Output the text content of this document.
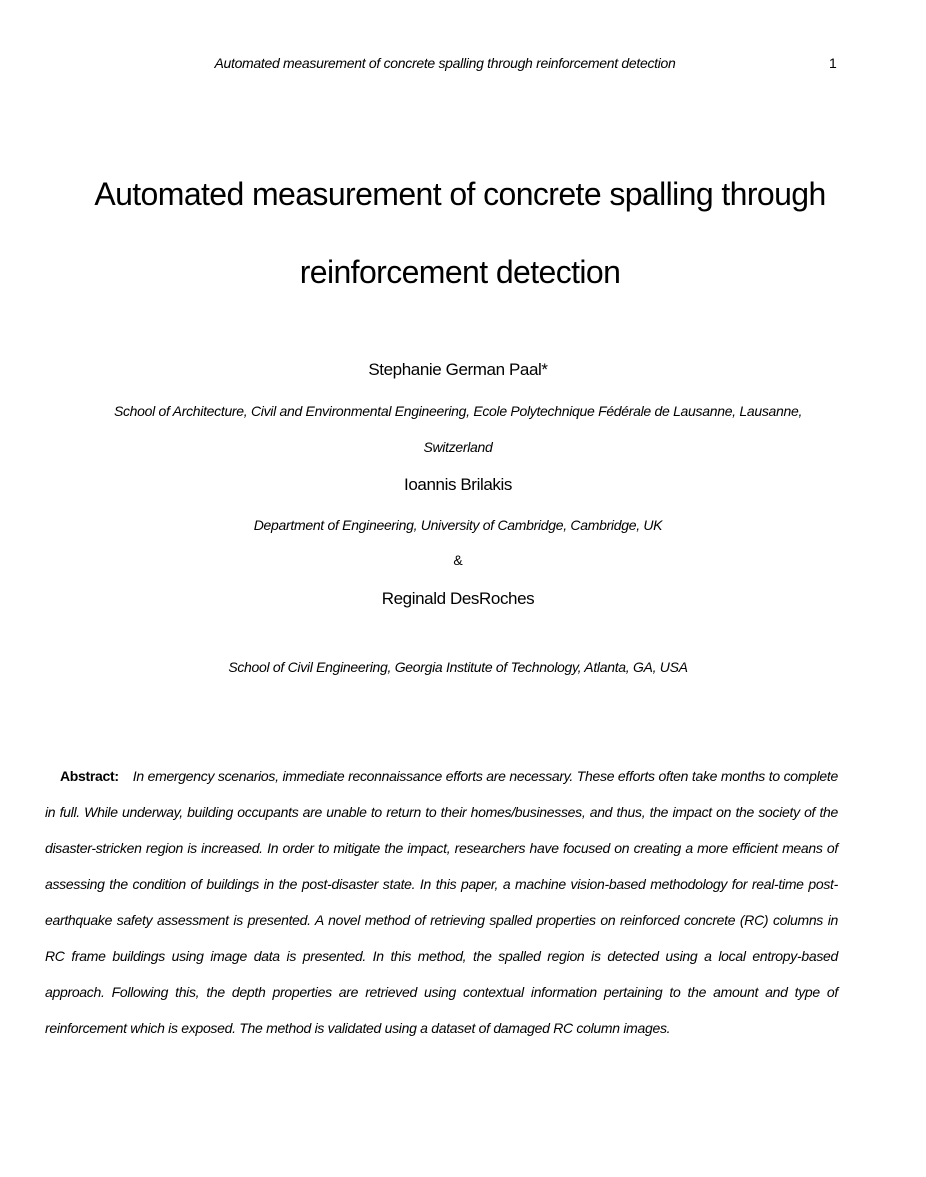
Automated measurement of concrete spalling through reinforcement detection	1
Automated measurement of concrete spalling through reinforcement detection
Stephanie German Paal*
School of Architecture, Civil and Environmental Engineering, Ecole Polytechnique Fédérale de Lausanne, Lausanne, Switzerland
Ioannis Brilakis
Department of Engineering, University of Cambridge, Cambridge, UK
&
Reginald DesRoches
School of Civil Engineering, Georgia Institute of Technology, Atlanta, GA, USA
Abstract: In emergency scenarios, immediate reconnaissance efforts are necessary. These efforts often take months to complete in full. While underway, building occupants are unable to return to their homes/businesses, and thus, the impact on the society of the disaster-stricken region is increased. In order to mitigate the impact, researchers have focused on creating a more efficient means of assessing the condition of buildings in the post-disaster state. In this paper, a machine vision-based methodology for real-time post-earthquake safety assessment is presented. A novel method of retrieving spalled properties on reinforced concrete (RC) columns in RC frame buildings using image data is presented. In this method, the spalled region is detected using a local entropy-based approach. Following this, the depth properties are retrieved using contextual information pertaining to the amount and type of reinforcement which is exposed. The method is validated using a dataset of damaged RC column images.
